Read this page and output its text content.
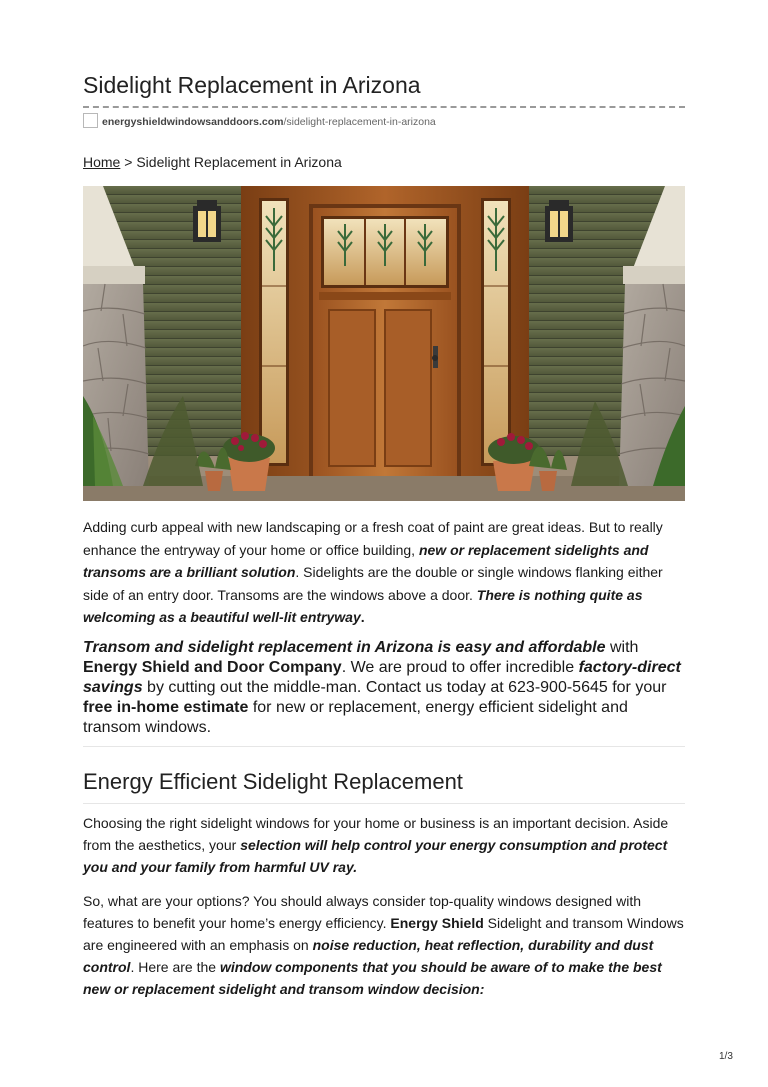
Sidelight Replacement in Arizona
energyshieldwindowsanddoors.com/sidelight-replacement-in-arizona
Home > Sidelight Replacement in Arizona

Adding curb appeal with new landscaping or a fresh coat of paint are great ideas. But to really enhance the entryway of your home or office building, new or replacement sidelights and transoms are a brilliant solution. Sidelights are the double or single windows flanking either side of an entry door. Transoms are the windows above a door. There is nothing quite as welcoming as a beautiful well-lit entryway.

Transom and sidelight replacement in Arizona is easy and affordable with Energy Shield and Door Company. We are proud to offer incredible factory-direct savings by cutting out the middle-man. Contact us today at 623-900-5645 for your free in-home estimate for new or replacement, energy efficient sidelight and transom windows.

Energy Efficient Sidelight Replacement

Choosing the right sidelight windows for your home or business is an important decision. Aside from the aesthetics, your selection will help control your energy consumption and protect you and your family from harmful UV ray.

So, what are your options? You should always consider top-quality windows designed with features to benefit your home’s energy efficiency. Energy Shield Sidelight and transom Windows are engineered with an emphasis on noise reduction, heat reflection, durability and dust control. Here are the window components that you should be aware of to make the best new or replacement sidelight and transom window decision:

1/3
